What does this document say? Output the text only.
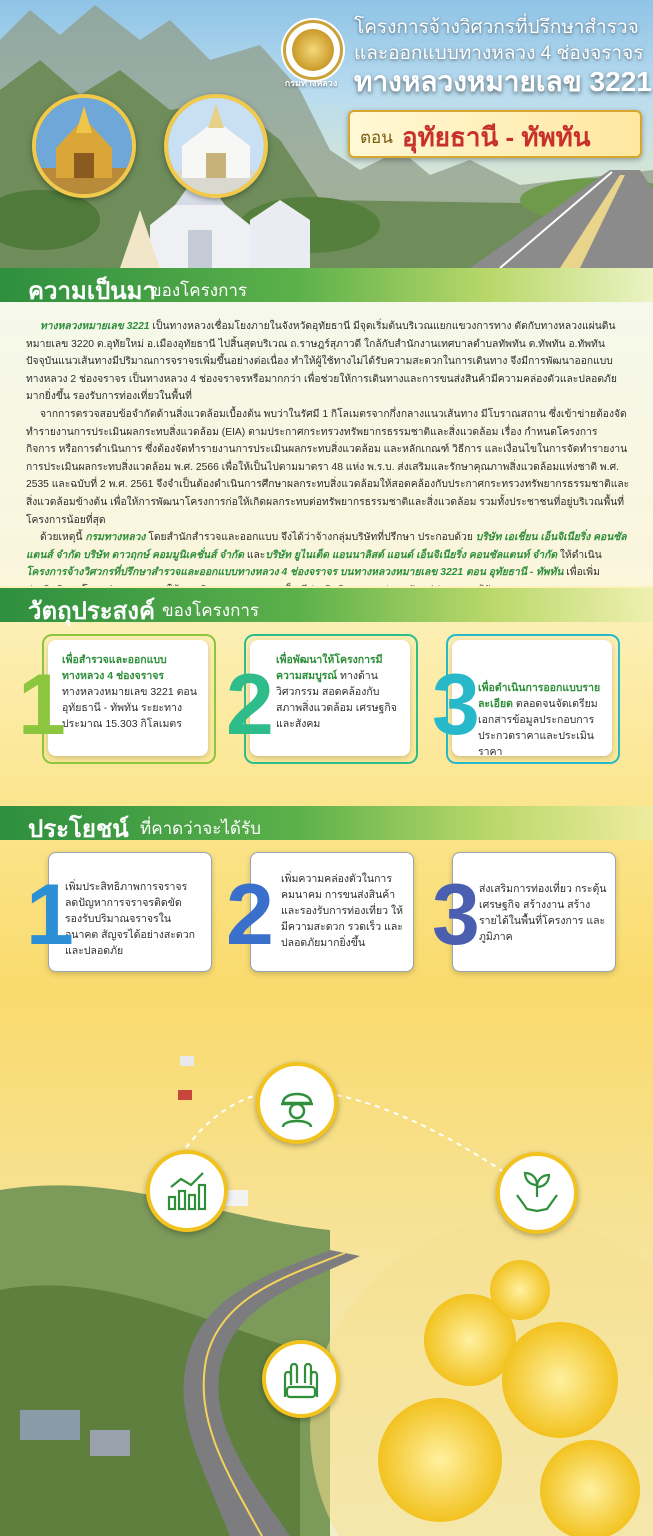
กรมทางหลวง
โครงการจ้างวิศวกรที่ปรึกษาสำรวจ
และออกแบบทางหลวง 4 ช่องจราจร
ทางหลวงหมายเลข 3221
ตอน อุทัยธานี - ทัพทัน
ความเป็นมา
ของโครงการ

ทางหลวงหมายเลข 3221 เป็นทางหลวงเชื่อมโยงภายในจังหวัดอุทัยธานี มีจุดเริ่มต้นบริเวณแยกแขวงการทาง ตัดกับทางหลวงแผ่นดินหมายเลข 3220 ต.อุทัยใหม่ อ.เมืองอุทัยธานี ไปสิ้นสุดบริเวณ ถ.ราษฎร์สุภาวดี ใกล้กับสำนักงานเทศบาลตำบลทัพทัน ต.ทัพทัน อ.ทัพทัน ปัจจุบันแนวเส้นทางมีปริมาณการจราจรเพิ่มขึ้นอย่างต่อเนื่อง ทำให้ผู้ใช้ทางไม่ได้รับความสะดวกในการเดินทาง จึงมีการพัฒนาออกแบบทางหลวง 2 ช่องจราจร เป็นทางหลวง 4 ช่องจราจรหรือมากกว่า เพื่อช่วยให้การเดินทางและการขนส่งสินค้ามีความคล่องตัวและปลอดภัยมากยิ่งขึ้น รองรับการท่องเที่ยวในพื้นที่

จากการตรวจสอบข้อจำกัดด้านสิ่งแวดล้อมเบื้องต้น พบว่าในรัศมี 1 กิโลเมตรจากกึ่งกลางแนวเส้นทาง มีโบราณสถาน ซึ่งเข้าข่ายต้องจัดทำรายงานการประเมินผลกระทบสิ่งแวดล้อม (EIA) ตามประกาศกระทรวงทรัพยากรธรรมชาติและสิ่งแวดล้อม เรื่อง กำหนดโครงการ กิจการ หรือการดำเนินการ ซึ่งต้องจัดทำรายงานการประเมินผลกระทบสิ่งแวดล้อม และหลักเกณฑ์ วิธีการ และเงื่อนไขในการจัดทำรายงานการประเมินผลกระทบสิ่งแวดล้อม พ.ศ. 2566 เพื่อให้เป็นไปตามมาตรา 48 แห่ง พ.ร.บ. ส่งเสริมและรักษาคุณภาพสิ่งแวดล้อมแห่งชาติ พ.ศ. 2535 และฉบับที่ 2 พ.ศ. 2561 จึงจำเป็นต้องดำเนินการศึกษาผลกระทบสิ่งแวดล้อมให้สอดคล้องกับประกาศกระทรวงทรัพยากรธรรมชาติและสิ่งแวดล้อมข้างต้น เพื่อให้การพัฒนาโครงการก่อให้เกิดผลกระทบต่อทรัพยากรธรรมชาติและสิ่งแวดล้อม รวมทั้งประชาชนที่อยู่บริเวณพื้นที่โครงการน้อยที่สุด

ด้วยเหตุนี้ กรมทางหลวง โดยสำนักสำรวจและออกแบบ จึงได้ว่าจ้างกลุ่มบริษัทที่ปรึกษา ประกอบด้วย บริษัท เอเชี่ยน เอ็นจิเนียริ่ง คอนซัลแตนส์ จำกัด บริษัท ดาวฤกษ์ คอมมูนิเคชั่นส์ จำกัด และบริษัท ยูไนเต็ด แอนนาลิสต์ แอนด์ เอ็นจิเนียริ่ง คอนซัลแตนท์ จำกัด ให้ดำเนินโครงการจ้างวิศวกรที่ปรึกษาสำรวจและออกแบบทางหลวง 4 ช่องจราจร บนทางหลวงหมายเลข 3221 ตอน อุทัยธานี - ทัพทัน เพื่อเพิ่ม

วัตถุประสงค์ ของโครงการ
เพื่อสำรวจและออกแบบทางหลวง 4 ช่องจราจร ทางหลวงหมายเลข 3221 ตอน อุทัยธานี - ทัพทัน ระยะทางประมาณ 15.303 กิโลเมตร
1	เพื่อพัฒนาให้โครงการมีความสมบูรณ์ ทางด้านวิศวกรรม สอดคล้องกับสภาพสิ่งแวดล้อม เศรษฐกิจและสังคม
2	เพื่อดำเนินการออกแบบรายละเอียด ตลอดจนจัดเตรียมเอกสารข้อมูลประกอบการประกวดราคาและประเมินราคา
3
ประโยชน์ ที่คาดว่าจะได้รับ
เพิ่มประสิทธิภาพการจราจร ลดปัญหาการจราจรติดขัด รองรับปริมาณจราจรในอนาคต สัญจรได้อย่างสะดวกและปลอดภัย
1	เพิ่มความคล่องตัวในการคมนาคม การขนส่งสินค้า และรองรับการท่องเที่ยว ให้มีความสะดวก รวดเร็ว และปลอดภัยมากยิ่งขึ้น
2	ส่งเสริมการท่องเที่ยว กระตุ้นเศรษฐกิจ สร้างงาน สร้างรายได้ในพื้นที่โครงการ และภูมิภาค
3
